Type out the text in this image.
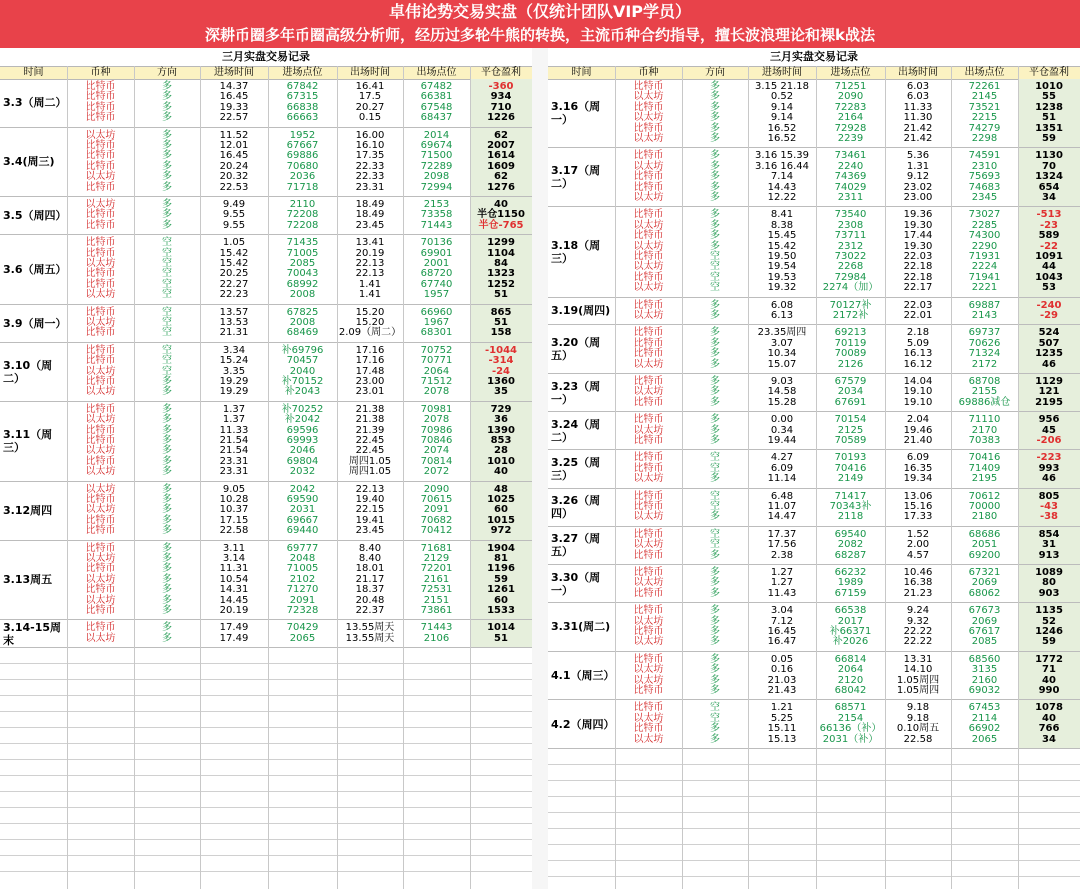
卓伟论势交易实盘（仅统计团队VIP学员）
深耕币圈多年币圈高级分析师，经历过多轮牛熊的转换，主流币种合约指导，擅长波浪理论和裸k战法
三月实盘交易记录
时间	币种	方向	进场时间	进场点位	出场时间	出场点位	平仓盈利
3.3（周二）
比特币	多	14.37	67842	16.41	67482	-360
比特币	多	16.45	67315	17.5	66381	934
比特币	多	19.33	66838	20.27	67548	710
比特币	多	22.57	66663	0.15	68437	1226
3.4(周三)
以太坊	多	11.52	1952	16.00	2014	62
比特币	多	12.01	67667	16.10	69674	2007
比特币	多	16.45	69886	17.35	71500	1614
比特币	多	20.24	70680	22.33	72289	1609
以太坊	多	20.32	2036	22.33	2098	62
比特币	多	22.53	71718	23.31	72994	1276
3.5（周四）
以太坊	多	9.49	2110	18.49	2153	40
比特币	多	9.55	72208	18.49	73358	半仓1150
比特币	多	9.55	72208	23.45	71443	半仓-765
3.6（周五）
比特币	空	1.05	71435	13.41	70136	1299
比特币	空	15.42	71005	20.19	69901	1104
以太坊	空	15.42	2085	22.13	2001	84
比特币	空	20.25	70043	22.13	68720	1323
比特币	空	22.27	68992	1.41	67740	1252
以太坊	空	22.23	2008	1.41	1957	51
3.9（周一）
比特币	空	13.57	67825	15.20	66960	865
以太坊	空	13.53	2008	15.20	1967	51
比特币	空	21.31	68469	2.09（周二）	68301	158
3.10（周二）
比特币	空	3.34	补69796	17.16	70752	-1044
比特币	空	15.24	70457	17.16	70771	-314
以太坊	空	3.35	2040	17.48	2064	-24
比特币	多	19.29	补70152	23.00	71512	1360
以太坊	多	19.29	补2043	23.01	2078	35
3.11（周三）
比特币	多	1.37	补70252	21.38	70981	729
以太坊	多	1.37	补2042	21.38	2078	36
比特币	多	11.33	69596	21.39	70986	1390
比特币	多	21.54	69993	22.45	70846	853
以太坊	多	21.54	2046	22.45	2074	28
比特币	多	23.31	69804	周四1.05	70814	1010
以太坊	多	23.31	2032	周四1.05	2072	40
3.12周四
以太坊	多	9.05	2042	22.13	2090	48
比特币	多	10.28	69590	19.40	70615	1025
以太坊	多	10.37	2031	22.15	2091	60
比特币	多	17.15	69667	19.41	70682	1015
比特币	多	22.58	69440	23.45	70412	972
3.13周五
比特币	多	3.11	69777	8.40	71681	1904
以太坊	多	3.14	2048	8.40	2129	81
比特币	多	11.31	71005	18.01	72201	1196
以太坊	多	10.54	2102	21.17	2161	59
比特币	多	14.31	71270	18.37	72531	1261
以太坊	多	14.45	2091	20.48	2151	60
比特币	多	20.19	72328	22.37	73861	1533
3.14-15周末
比特币	多	17.49	70429	13.55周天	71443	1014
以太坊	多	17.49	2065	13.55周天	2106	51
三月实盘交易记录
时间	币种	方向	进场时间	进场点位	出场时间	出场点位	平仓盈利
3.16（周一）
比特币	多	3.15 21.18	71251	6.03	72261	1010
以太坊	多	0.52	2090	6.03	2145	55
比特币	多	9.14	72283	11.33	73521	1238
以太坊	多	9.14	2164	11.30	2215	51
比特币	多	16.52	72928	21.42	74279	1351
以太坊	多	16.52	2239	21.42	2298	59
3.17（周二）
比特币	多	3.16 15.39	73461	5.36	74591	1130
以太坊	多	3.16 16.44	2240	1.31	2310	70
比特币	多	7.14	74369	9.12	75693	1324
比特币	多	14.43	74029	23.02	74683	654
以太坊	多	12.22	2311	23.00	2345	34
3.18（周三）
比特币	多	8.41	73540	19.36	73027	-513
以太坊	多	8.38	2308	19.30	2285	-23
比特币	多	15.45	73711	17.44	74300	589
以太坊	多	15.42	2312	19.30	2290	-22
比特币	空	19.50	73022	22.03	71931	1091
以太坊	空	19.54	2268	22.18	2224	44
比特币	空	19.53	72984	22.18	71941	1043
以太坊	空	19.32	2274（加）	22.17	2221	53
3.19(周四)	比特币	多	6.08	70127补	22.03	69887	-240
以太坊	多	6.13	2172补	22.01	2143	-29
3.20（周五）
比特币	多	23.35周四	69213	2.18	69737	524
比特币	多	3.07	70119	5.09	70626	507
比特币	多	10.34	70089	16.13	71324	1235
以太坊	多	15.07	2126	16.12	2172	46
3.23（周一）
比特币	多	9.03	67579	14.04	68708	1129
以太坊	多	14.58	2034	19.10	2155	121
比特币	多	15.28	67691	19.10	69886减仓	2195
3.24（周二）
比特币	多	0.00	70154	2.04	71110	956
以太坊	多	0.34	2125	19.46	2170	45
比特币	多	19.44	70589	21.40	70383	-206
3.25（周三）
比特币	空	4.27	70193	6.09	70416	-223
比特币	空	6.09	70416	16.35	71409	993
以太坊	多	11.14	2149	19.34	2195	46
3.26（周四）
比特币	空	6.48	71417	13.06	70612	805
比特币	空	11.07	70343补	15.16	70000	-43
以太坊	多	14.47	2118	17.33	2180	-38
3.27（周五）
比特币	空	17.37	69540	1.52	68686	854
以太坊	空	17.56	2082	2.00	2051	31
比特币	多	2.38	68287	4.57	69200	913
3.30（周一）
比特币	多	1.27	66232	10.46	67321	1089
以太坊	多	1.27	1989	16.38	2069	80
比特币	多	11.43	67159	21.23	68062	903
3.31(周二)
比特币	多	3.04	66538	9.24	67673	1135
以太坊	多	7.12	2017	9.32	2069	52
比特币	多	16.45	补66371	22.22	67617	1246
以太坊	多	16.47	补2026	22.22	2085	59
4.1（周三）
比特币	多	0.05	66814	13.31	68560	1772
以太坊	多	0.16	2064	14.10	3135	71
以太坊	多	21.03	2120	1.05周四	2160	40
比特币	多	21.43	68042	1.05周四	69032	990
4.2（周四）
比特币	空	1.21	68571	9.18	67453	1078
以太坊	空	5.25	2154	9.18	2114	40
比特币	多	15.11	66136（补）	0.10周五	66902	766
以太坊	多	15.13	2031（补）	22.58	2065	34
